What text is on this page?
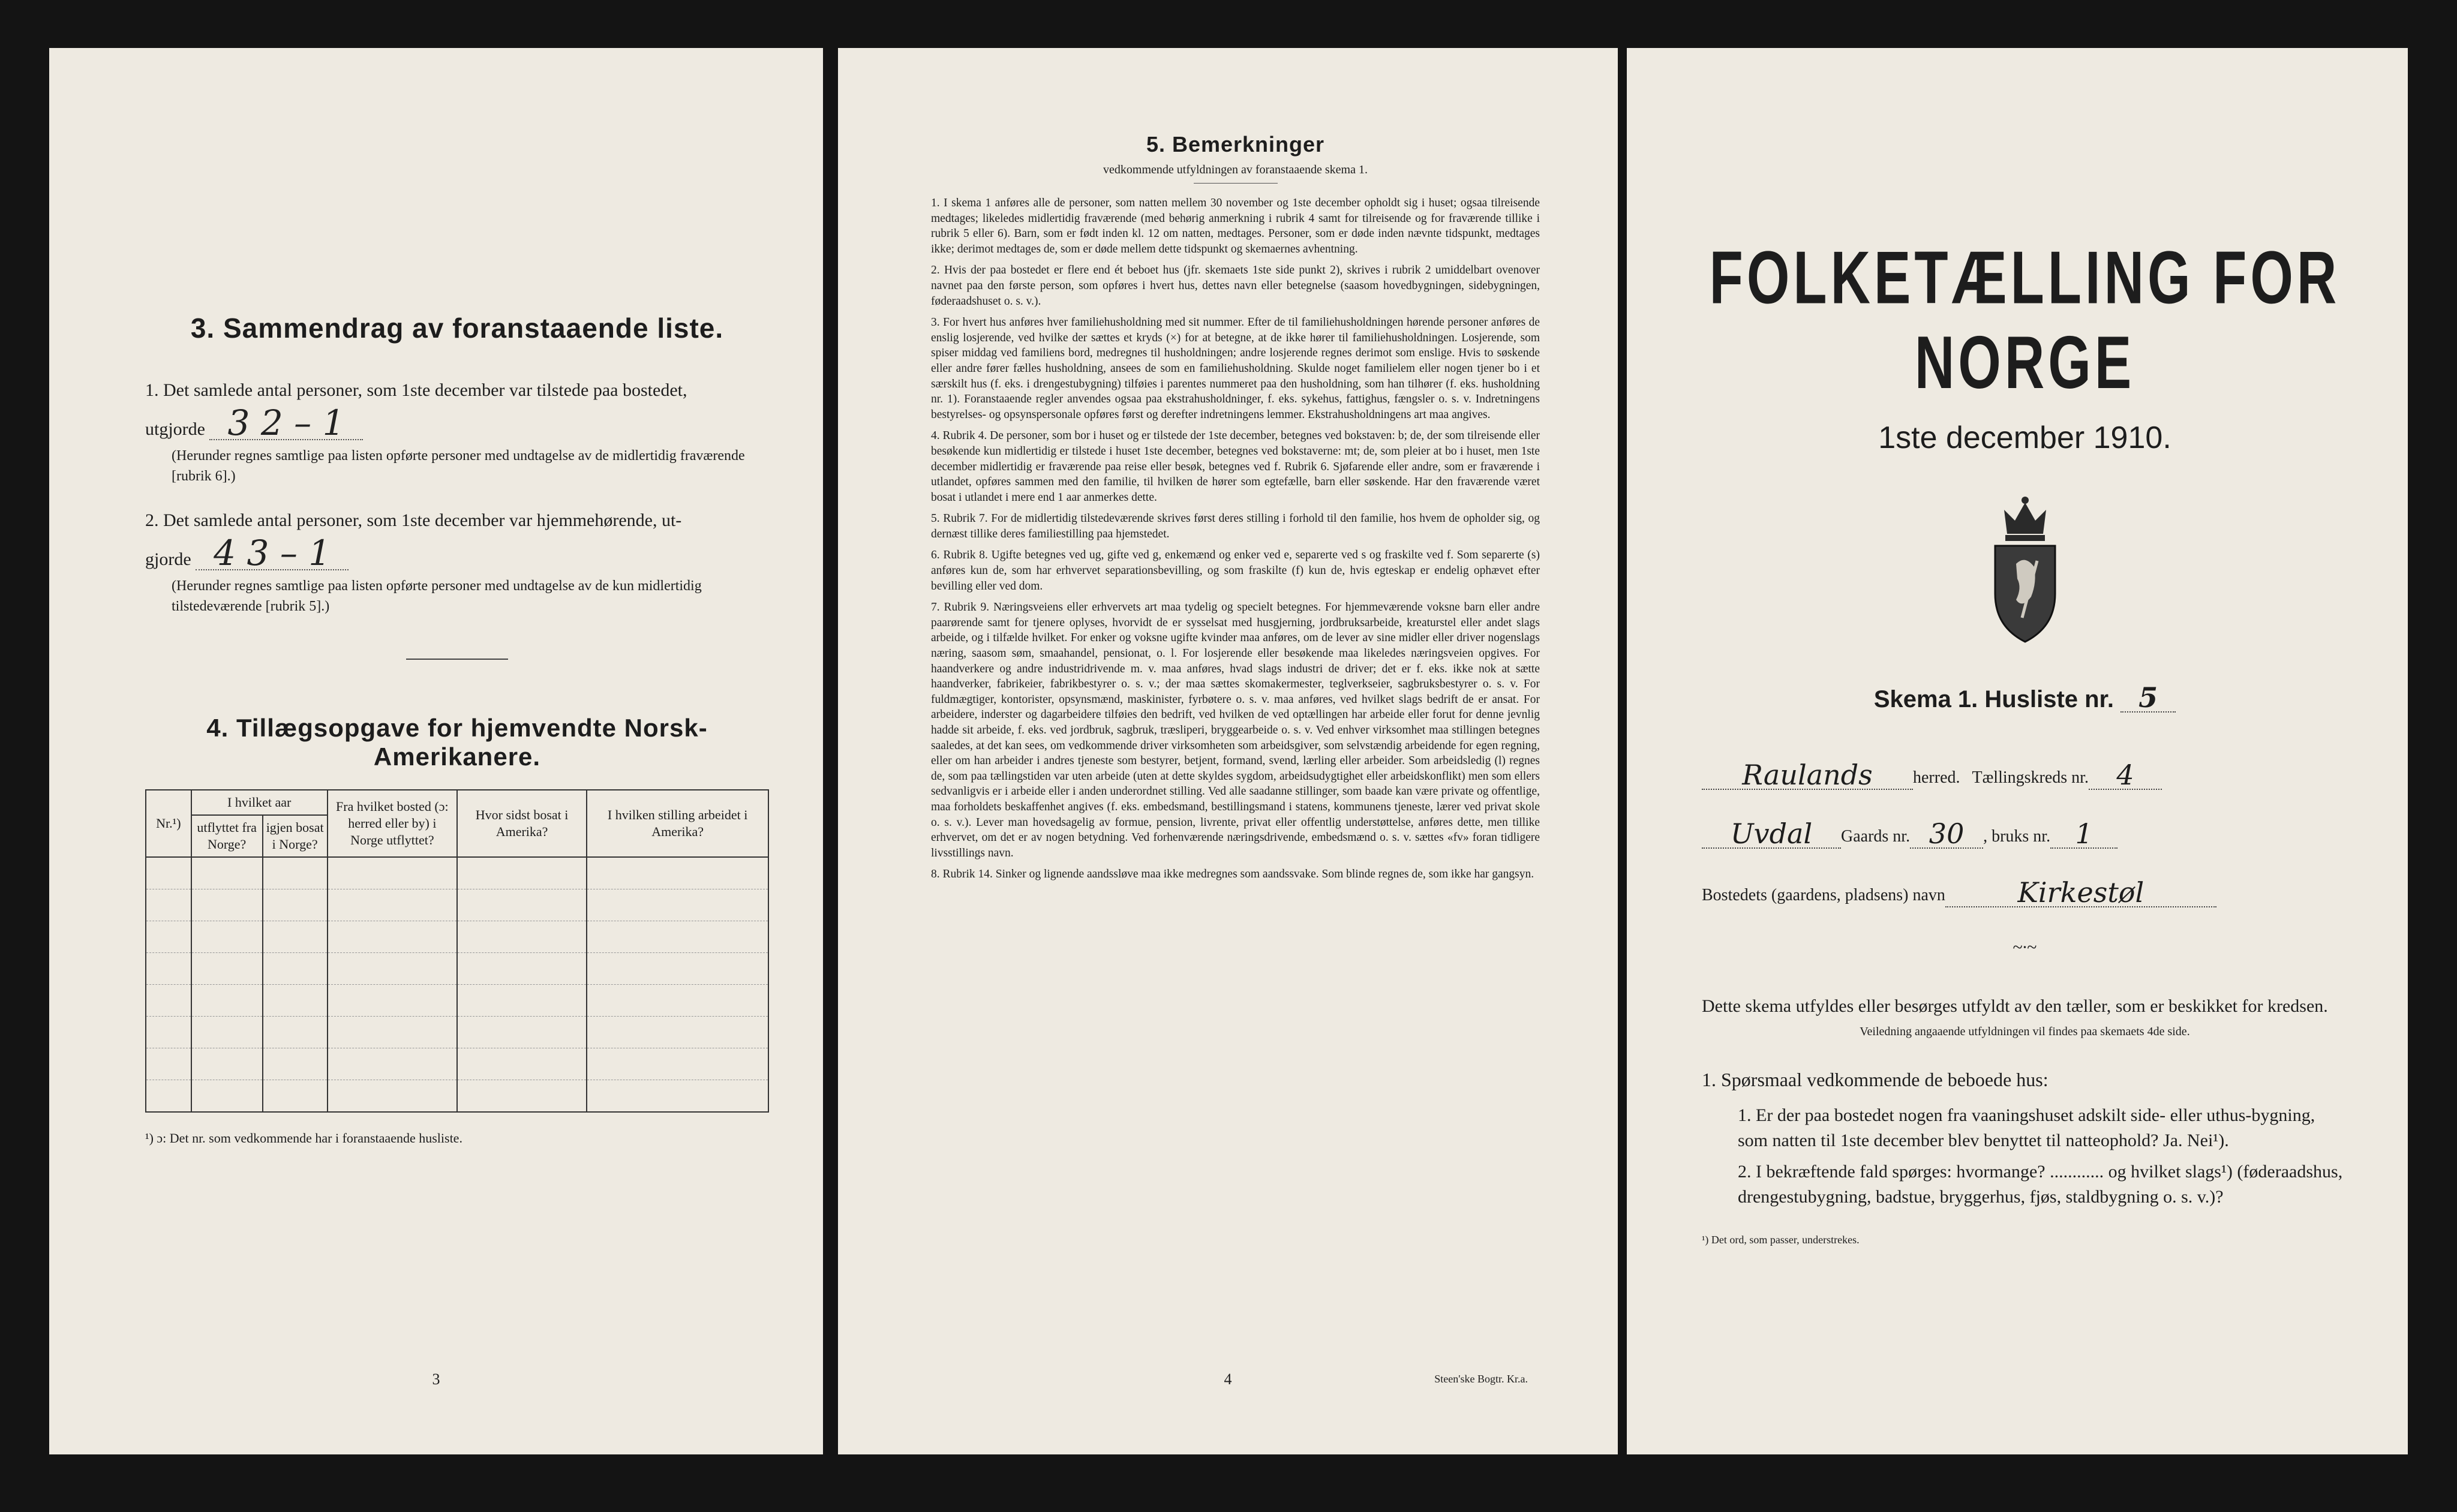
3. Sammendrag av foranstaaende liste.

1. Det samlede antal personer, som 1ste december var tilstede paa bostedet,

utgjorde 3 2 – 1

(Herunder regnes samtlige paa listen opførte personer med undtagelse av de midlertidig fraværende [rubrik 6].)

2. Det samlede antal personer, som 1ste december var hjemmehørende, ut-

gjorde 4 3 – 1

(Herunder regnes samtlige paa listen opførte personer med undtagelse av de kun midlertidig tilstedeværende [rubrik 5].)

4. Tillægsopgave for hjemvendte Norsk-Amerikanere.
Nr.¹)	I hvilket aar		Fra hvilket bosted (ɔ: herred eller by) i Norge utflyttet?	Hvor sidst bosat i Amerika?	I hvilken stilling arbeidet i Amerika?
	utflyttet fra Norge?	igjen bosat i Norge?			

¹) ɔ: Det nr. som vedkommende har i foranstaaende husliste.
3
5. Bemerkninger
vedkommende utfyldningen av foranstaaende skema 1.

1. I skema 1 anføres alle de personer, som natten mellem 30 november og 1ste december opholdt sig i huset; ogsaa tilreisende medtages; likeledes midlertidig fraværende (med behørig anmerkning i rubrik 4 samt for tilreisende og for fraværende tillike i rubrik 5 eller 6). Barn, som er født inden kl. 12 om natten, medtages. Personer, som er døde inden nævnte tidspunkt, medtages ikke; derimot medtages de, som er døde mellem dette tidspunkt og skemaernes avhentning.

2. Hvis der paa bostedet er flere end ét beboet hus (jfr. skemaets 1ste side punkt 2), skrives i rubrik 2 umiddelbart ovenover navnet paa den første person, som opføres i hvert hus, dettes navn eller betegnelse (saasom hovedbygningen, sidebygningen, føderaadshuset o. s. v.).

3. For hvert hus anføres hver familiehusholdning med sit nummer. Efter de til familiehusholdningen hørende personer anføres de enslig losjerende, ved hvilke der sættes et kryds (×) for at betegne, at de ikke hører til familiehusholdningen. Losjerende, som spiser middag ved familiens bord, medregnes til husholdningen; andre losjerende regnes derimot som enslige. Hvis to søskende eller andre fører fælles husholdning, ansees de som en familiehusholdning. Skulde noget familielem eller nogen tjener bo i et særskilt hus (f. eks. i drengestubygning) tilføies i parentes nummeret paa den husholdning, som han tilhører (f. eks. husholdning nr. 1). Foranstaaende regler anvendes ogsaa paa ekstrahusholdninger, f. eks. sykehus, fattighus, fængsler o. s. v. Indretningens bestyrelses- og opsynspersonale opføres først og derefter indretningens lemmer. Ekstrahusholdningens art maa angives.

4. Rubrik 4. De personer, som bor i huset og er tilstede der 1ste december, betegnes ved bokstaven: b; de, der som tilreisende eller besøkende kun midlertidig er tilstede i huset 1ste december, betegnes ved bokstaverne: mt; de, som pleier at bo i huset, men 1ste december midlertidig er fraværende paa reise eller besøk, betegnes ved f. Rubrik 6. Sjøfarende eller andre, som er fraværende i utlandet, opføres sammen med den familie, til hvilken de hører som egtefælle, barn eller søskende. Har den fraværende været bosat i utlandet i mere end 1 aar anmerkes dette.

5. Rubrik 7. For de midlertidig tilstedeværende skrives først deres stilling i forhold til den familie, hos hvem de opholder sig, og dernæst tillike deres familiestilling paa hjemstedet.

6. Rubrik 8. Ugifte betegnes ved ug, gifte ved g, enkemænd og enker ved e, separerte ved s og fraskilte ved f. Som separerte (s) anføres kun de, som har erhvervet separationsbevilling, og som fraskilte (f) kun de, hvis egteskap er endelig ophævet efter bevilling eller ved dom.

7. Rubrik 9. Næringsveiens eller erhvervets art maa tydelig og specielt betegnes. For hjemmeværende voksne barn eller andre paarørende samt for tjenere oplyses, hvorvidt de er sysselsat med husgjerning, jordbruksarbeide, kreaturstel eller andet slags arbeide, og i tilfælde hvilket. For enker og voksne ugifte kvinder maa anføres, om de lever av sine midler eller driver nogenslags næring, saasom søm, smaahandel, pensionat, o. l. For losjerende eller besøkende maa likeledes næringsveien opgives. For haandverkere og andre industridrivende m. v. maa anføres, hvad slags industri de driver; det er f. eks. ikke nok at sætte haandverker, fabrikeier, fabrikbestyrer o. s. v.; der maa sættes skomakermester, teglverkseier, sagbruksbestyrer o. s. v. For fuldmægtiger, kontorister, opsynsmænd, maskinister, fyrbøtere o. s. v. maa anføres, ved hvilket slags bedrift de er ansat. For arbeidere, inderster og dagarbeidere tilføies den bedrift, ved hvilken de ved optællingen har arbeide eller forut for denne jevnlig hadde sit arbeide, f. eks. ved jordbruk, sagbruk, træsliperi, bryggearbeide o. s. v. Ved enhver virksomhet maa stillingen betegnes saaledes, at det kan sees, om vedkommende driver virksomheten som arbeidsgiver, som selvstændig arbeidende for egen regning, eller om han arbeider i andres tjeneste som bestyrer, betjent, formand, svend, lærling eller arbeider. Som arbeidsledig (l) regnes de, som paa tællingstiden var uten arbeide (uten at dette skyldes sygdom, arbeidsudygtighet eller arbeidskonflikt) men som ellers sedvanligvis er i arbeide eller i anden underordnet stilling. Ved alle saadanne stillinger, som baade kan være private og offentlige, maa forholdets beskaffenhet angives (f. eks. embedsmand, bestillingsmand i statens, kommunens tjeneste, lærer ved privat skole o. s. v.). Lever man hovedsagelig av formue, pension, livrente, privat eller offentlig understøttelse, anføres dette, men tillike erhvervet, om det er av nogen betydning. Ved forhenværende næringsdrivende, embedsmænd o. s. v. sættes «fv» foran tidligere livsstillings navn.

8. Rubrik 14. Sinker og lignende aandssløve maa ikke medregnes som aandssvake. Som blinde regnes de, som ikke har gangsyn.

4	Steen'ske Bogtr. Kr.a.
FOLKETÆLLING FOR NORGE
1ste december 1910.
Skema 1. Husliste nr. 5
Raulands	herred. Tællingskreds nr.	4
Uvdal	Gaards nr. 30	, bruks nr. 1
Bostedets (gaardens, pladsens) navn	Kirkestøl
~∙~

Dette skema utfyldes eller besørges utfyldt av den tæller, som er beskikket for kredsen.

Veiledning angaaende utfyldningen vil findes paa skemaets 4de side.
1. Spørsmaal vedkommende de beboede hus:

1. Er der paa bostedet nogen fra vaaningshuset adskilt side- eller uthus-bygning, som natten til 1ste december blev benyttet til natteophold? Ja. Nei¹).

2. I bekræftende fald spørges: hvormange? ............ og hvilket slags¹) (føderaadshus, drengestubygning, badstue, bryggerhus, fjøs, staldbygning o. s. v.)?

¹) Det ord, som passer, understrekes.
